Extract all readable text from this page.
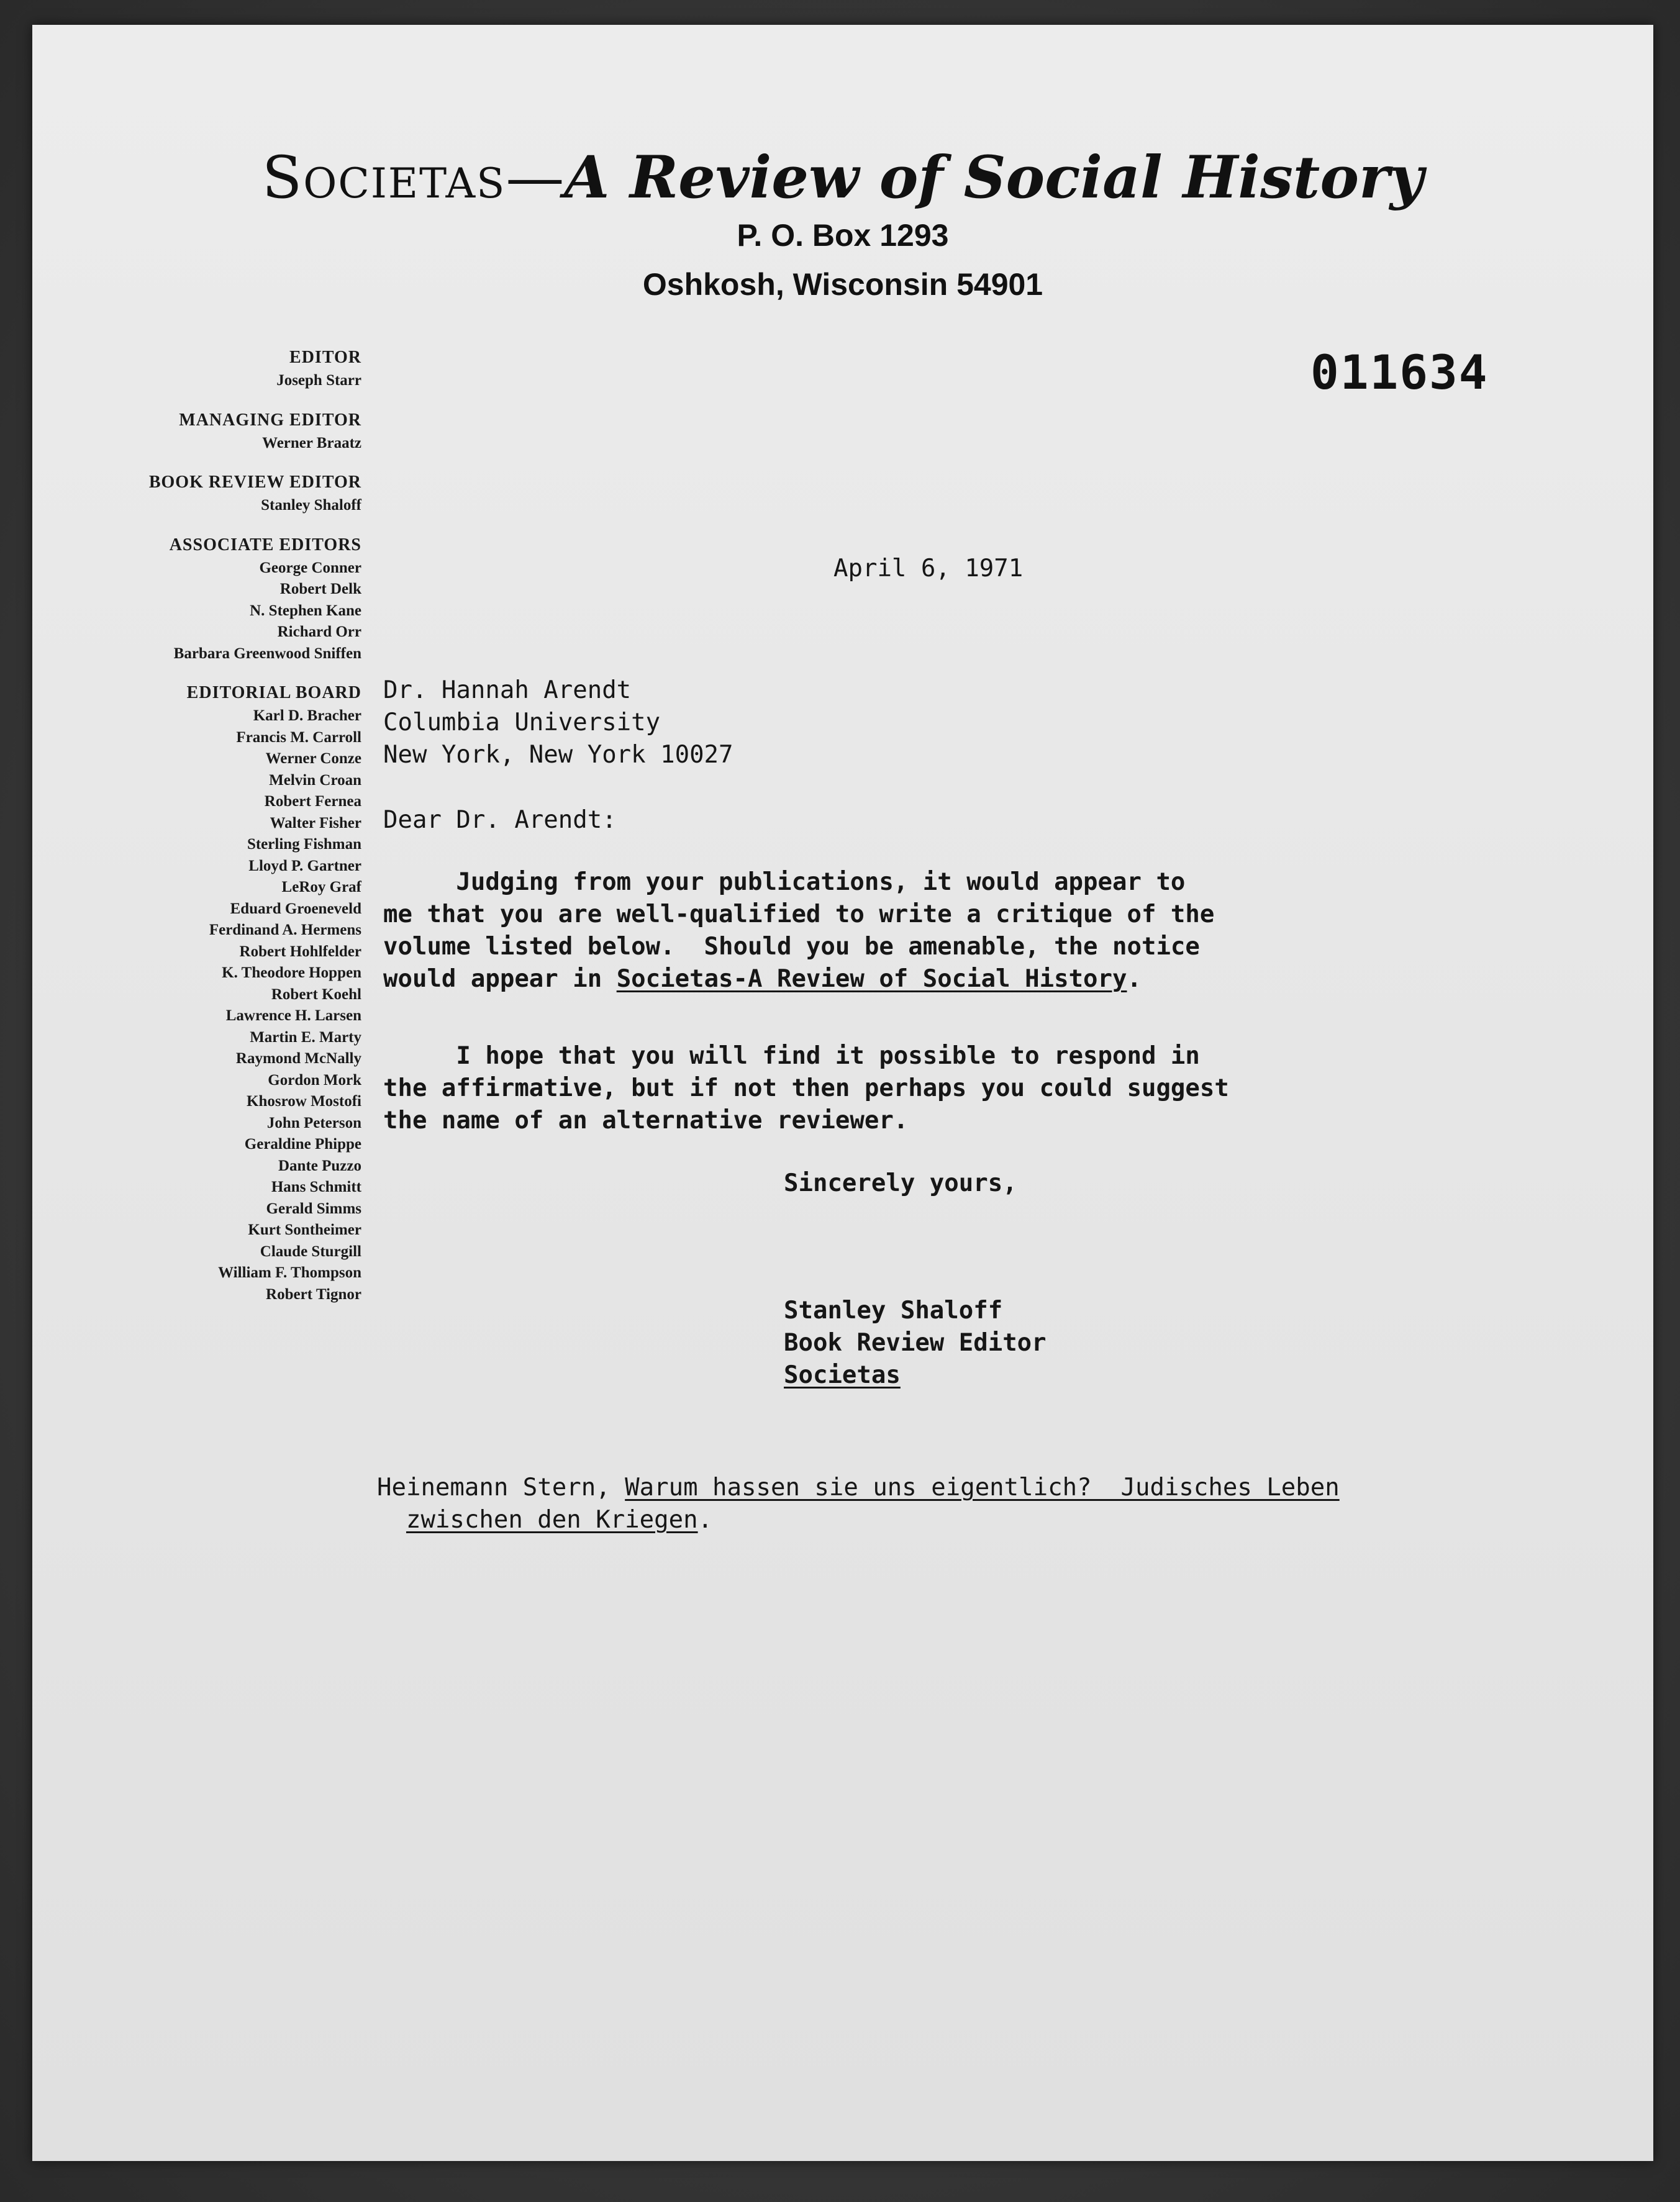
Societas—A Review of Social History
P. O. Box 1293
Oshkosh, Wisconsin 54901
011634
EDITOR
Joseph Starr
MANAGING EDITOR
Werner Braatz
BOOK REVIEW EDITOR
Stanley Shaloff
ASSOCIATE EDITORS
George Conner
Robert Delk
N. Stephen Kane
Richard Orr
Barbara Greenwood Sniffen
EDITORIAL BOARD
Karl D. Bracher
Francis M. Carroll
Werner Conze
Melvin Croan
Robert Fernea
Walter Fisher
Sterling Fishman
Lloyd P. Gartner
LeRoy Graf
Eduard Groeneveld
Ferdinand A. Hermens
Robert Hohlfelder
K. Theodore Hoppen
Robert Koehl
Lawrence H. Larsen
Martin E. Marty
Raymond McNally
Gordon Mork
Khosrow Mostofi
John Peterson
Geraldine Phippe
Dante Puzzo
Hans Schmitt
Gerald Simms
Kurt Sontheimer
Claude Sturgill
William F. Thompson
Robert Tignor
April 6, 1971
Dr. Hannah Arendt
Columbia University
New York, New York 10027
Dear Dr. Arendt:
Judging from your publications, it would appear to
me that you are well-qualified to write a critique of the
volume listed below.  Should you be amenable, the notice
would appear in Societas-A Review of Social History.
I hope that you will find it possible to respond in
the affirmative, but if not then perhaps you could suggest
the name of an alternative reviewer.
Sincerely yours,
Stanley Shaloff
Book Review Editor
Societas
Heinemann Stern, Warum hassen sie uns eigentlich?  Judisches Leben
zwischen den Kriegen.
